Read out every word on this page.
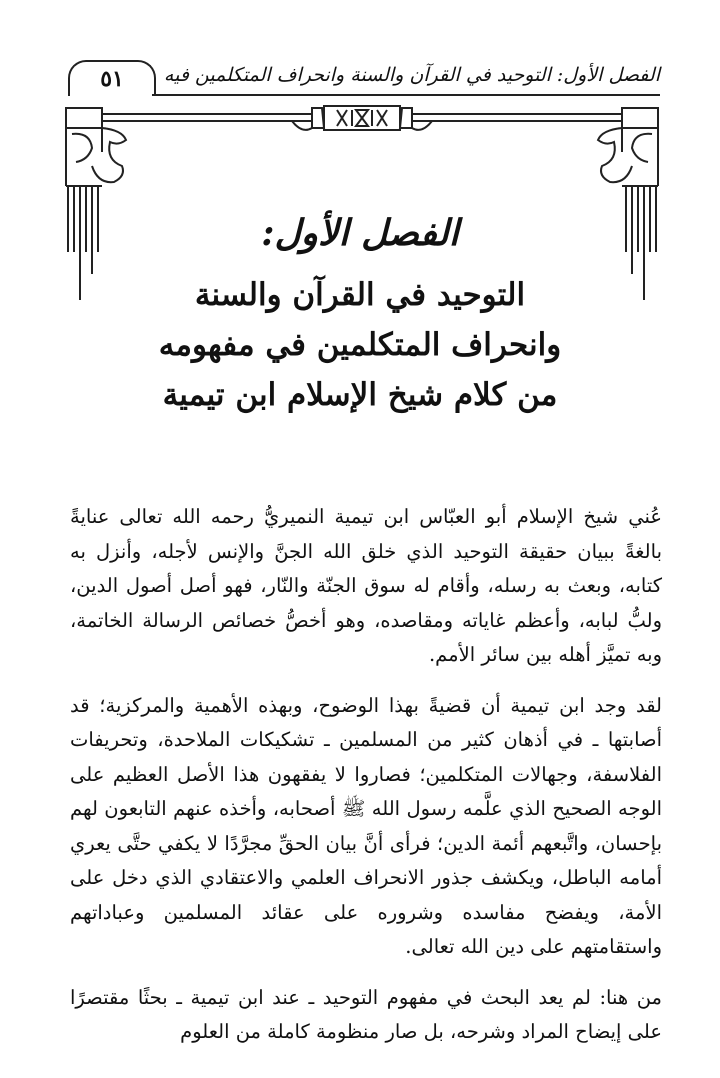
٥١	الفصل الأول: التوحيد في القرآن والسنة وانحراف المتكلمين فيه
الفصل الأول:
التوحيد في القرآن والسنة
وانحراف المتكلمين في مفهومه
من كلام شيخ الإسلام ابن تيمية

عُني شيخ الإسلام أبو العبّاس ابن تيمية النميريُّ رحمه الله تعالى عنايةً بالغةً ببيان حقيقة التوحيد الذي خلق الله الجنَّ والإنس لأجله، وأنزل به كتابه، وبعث به رسله، وأقام له سوق الجنّة والنّار، فهو أصل أصول الدين، ولبُّ لبابه، وأعظم غاياته ومقاصده، وهو أخصُّ خصائص الرسالة الخاتمة، وبه تميَّز أهله بين سائر الأمم.

لقد وجد ابن تيمية أن قضيةً بهذا الوضوح، وبهذه الأهمية والمركزية؛ قد أصابتها ـ في أذهان كثير من المسلمين ـ تشكيكات الملاحدة، وتحريفات الفلاسفة، وجهالات المتكلمين؛ فصاروا لا يفقهون هذا الأصل العظيم على الوجه الصحيح الذي علَّمه رسول الله ﷺ أصحابه، وأخذه عنهم التابعون لهم بإحسان، واتَّبعهم أئمة الدين؛ فرأى أنَّ بيان الحقِّ مجرَّدًا لا يكفي حتَّى يعري أمامه الباطل، ويكشف جذور الانحراف العلمي والاعتقادي الذي دخل على الأمة، ويفضح مفاسده وشروره على عقائد المسلمين وعباداتهم واستقامتهم على دين الله تعالى.

من هنا: لم يعد البحث في مفهوم التوحيد ـ عند ابن تيمية ـ بحثًا مقتصرًا على إيضاح المراد وشرحه، بل صار منظومة كاملة من العلوم
